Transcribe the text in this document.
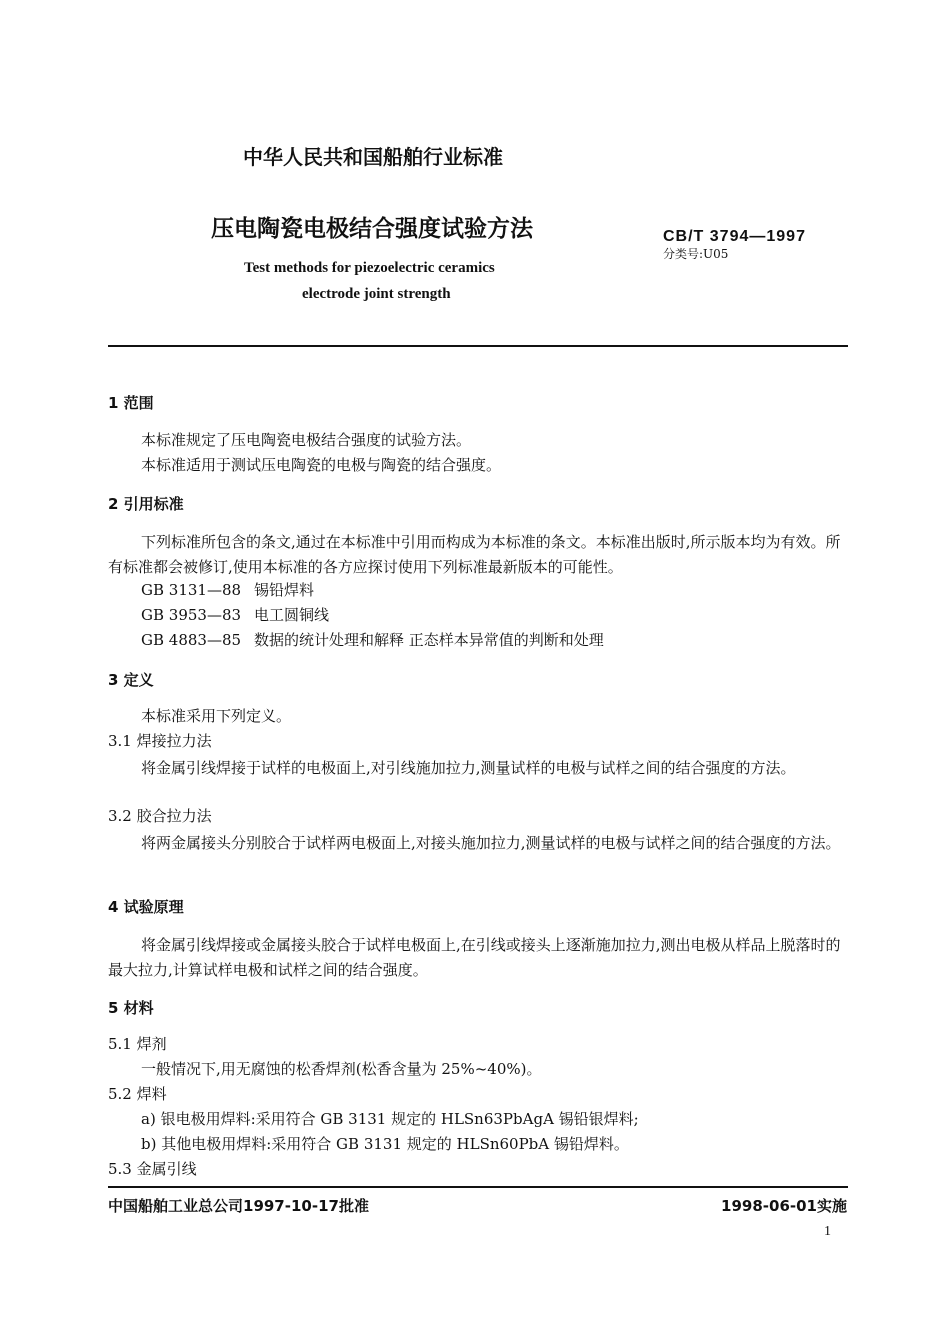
中华人民共和国船舶行业标准
压电陶瓷电极结合强度试验方法
Test methods for piezoelectric ceramics
electrode joint strength
CB/T 3794—1997
分类号:U05
1 范围
本标准规定了压电陶瓷电极结合强度的试验方法。
本标准适用于测试压电陶瓷的电极与陶瓷的结合强度。
2 引用标准
下列标准所包含的条文,通过在本标准中引用而构成为本标准的条文。本标准出版时,所示版本均为有效。所有标准都会被修订,使用本标准的各方应探讨使用下列标准最新版本的可能性。
GB 3131—88 锡铅焊料
GB 3953—83 电工圆铜线
GB 4883—85 数据的统计处理和解释 正态样本异常值的判断和处理
3 定义
本标准采用下列定义。
3.1 焊接拉力法
将金属引线焊接于试样的电极面上,对引线施加拉力,测量试样的电极与试样之间的结合强度的方法。
3.2 胶合拉力法
将两金属接头分别胶合于试样两电极面上,对接头施加拉力,测量试样的电极与试样之间的结合强度的方法。
4 试验原理
将金属引线焊接或金属接头胶合于试样电极面上,在引线或接头上逐渐施加拉力,测出电极从样品上脱落时的最大拉力,计算试样电极和试样之间的结合强度。
5 材料
5.1 焊剂
一般情况下,用无腐蚀的松香焊剂(松香含量为 25%~40%)。
5.2 焊料
a) 银电极用焊料:采用符合 GB 3131 规定的 HLSn63PbAgA 锡铅银焊料;
b) 其他电极用焊料:采用符合 GB 3131 规定的 HLSn60PbA 锡铅焊料。
5.3 金属引线
中国船舶工业总公司1997-10-17批准	1998-06-01实施
1
